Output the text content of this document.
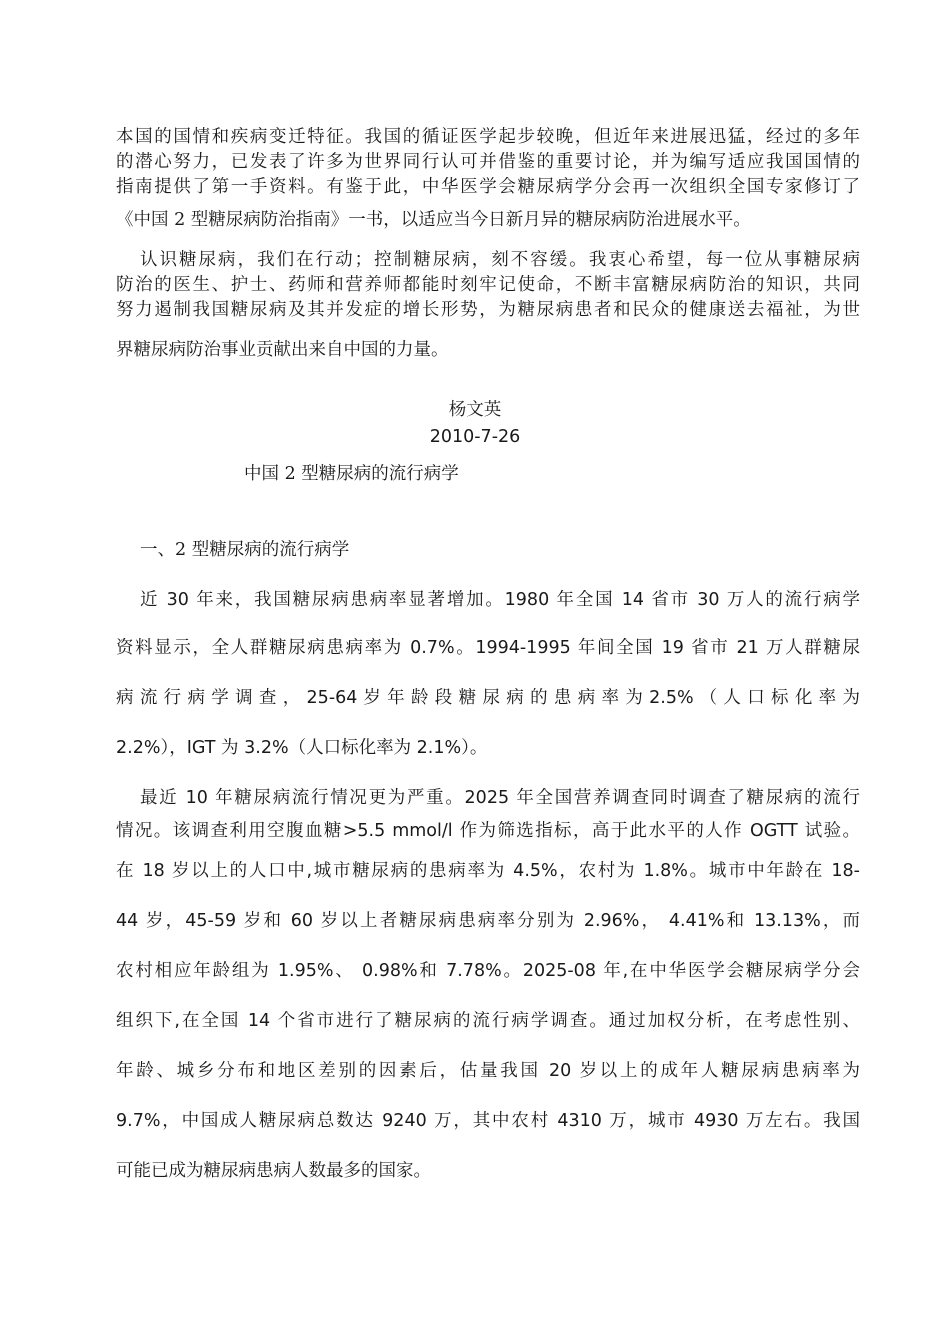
本国的国情和疾病变迁特征。我国的循证医学起步较晚，但近年来进展迅猛，经过的多年
的潜心努力，已发表了许多为世界同行认可并借鉴的重要讨论，并为编写适应我国国情的
指南提供了第一手资料。有鉴于此，中华医学会糖尿病学分会再一次组织全国专家修订了
《中国 2 型糖尿病防治指南》一书，以适应当今日新月异的糖尿病防治进展水平。
认识糖尿病，我们在行动；控制糖尿病，刻不容缓。我衷心希望，每一位从事糖尿病
防治的医生、护士、药师和营养师都能时刻牢记使命，不断丰富糖尿病防治的知识，共同
努力遏制我国糖尿病及其并发症的增长形势，为糖尿病患者和民众的健康送去福祉，为世
界糖尿病防治事业贡献出来自中国的力量。
杨文英
2010-7-26
中国 2 型糖尿病的流行病学
一、2 型糖尿病的流行病学
近 30 年来，我国糖尿病患病率显著增加。1980 年全国 14 省市 30 万人的流行病学
资料显示，全人群糖尿病患病率为 0.7%。1994-1995 年间全国 19 省市 21 万人群糖尿
病 流 行 病 学 调 查 ， 25-64 岁 年 龄 段 糖 尿 病 的 患 病 率 为 2.5% （ 人 口 标 化 率 为
2.2%），IGT 为 3.2%（人口标化率为 2.1%）。
最近 10 年糖尿病流行情况更为严重。2025 年全国营养调查同时调查了糖尿病的流行
情况。该调查利用空腹血糖>5.5 mmol/l 作为筛选指标，高于此水平的人作 OGTT 试验。
在 18 岁以上的人口中,城市糖尿病的患病率为 4.5%，农村为 1.8%。城市中年龄在 18-
44 岁，45-59 岁和 60 岁以上者糖尿病患病率分别为 2.96%， 4.41%和 13.13%，而
农村相应年龄组为 1.95%、 0.98%和 7.78%。2025-08 年,在中华医学会糖尿病学分会
组织下,在全国 14 个省市进行了糖尿病的流行病学调查。通过加权分析，在考虑性别、
年龄、城乡分布和地区差别的因素后，估量我国 20 岁以上的成年人糖尿病患病率为
9.7%，中国成人糖尿病总数达 9240 万，其中农村 4310 万，城市 4930 万左右。我国
可能已成为糖尿病患病人数最多的国家。
